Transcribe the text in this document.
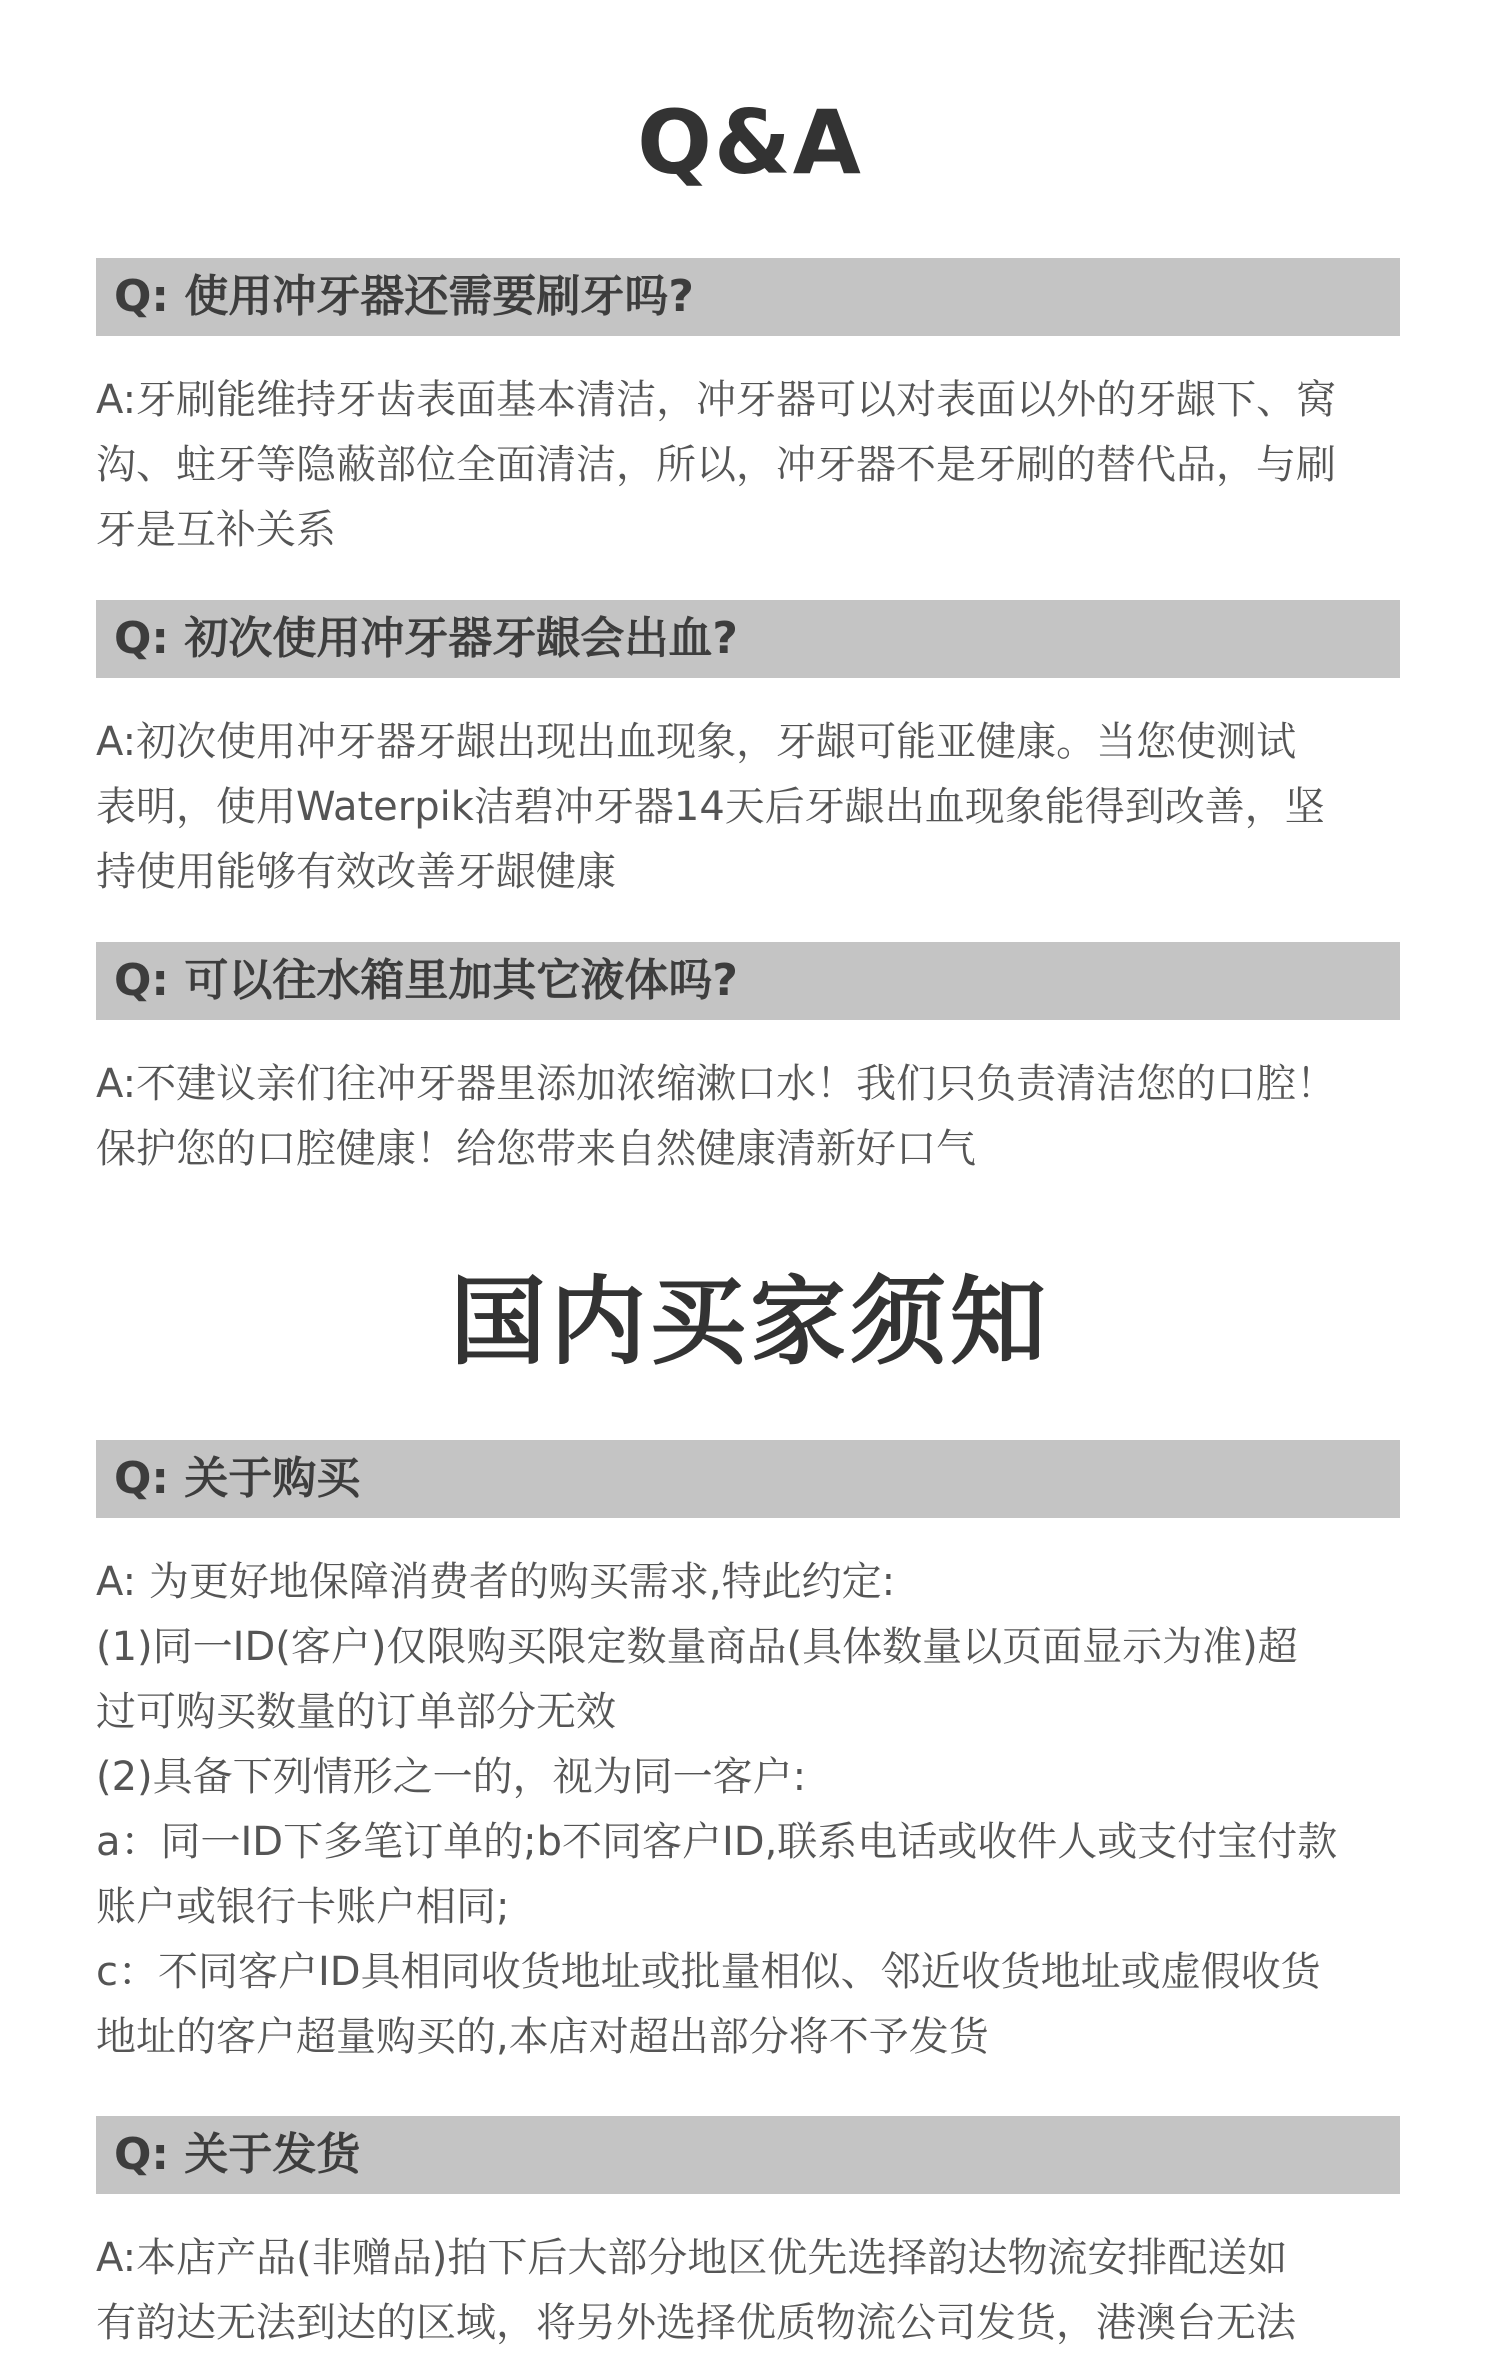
Q&A
Q: 使用冲牙器还需要刷牙吗?
A:牙刷能维持牙齿表面基本清洁，冲牙器可以对表面以外的牙龈下、窝
沟、蛀牙等隐蔽部位全面清洁，所以，冲牙器不是牙刷的替代品，与刷
牙是互补关系
Q: 初次使用冲牙器牙龈会出血?
A:初次使用冲牙器牙龈出现出血现象，牙龈可能亚健康。当您使测试
表明，使用Waterpik洁碧冲牙器14天后牙龈出血现象能得到改善，坚
持使用能够有效改善牙龈健康
Q: 可以往水箱里加其它液体吗?
A:不建议亲们往冲牙器里添加浓缩漱口水！我们只负责清洁您的口腔！
保护您的口腔健康！给您带来自然健康清新好口气
国内买家须知
Q: 关于购买
A: 为更好地保障消费者的购买需求,特此约定:
(1)同一ID(客户)仅限购买限定数量商品(具体数量以页面显示为准)超
过可购买数量的订单部分无效
(2)具备下列情形之一的，视为同一客户:
a：同一ID下多笔订单的;b不同客户ID,联系电话或收件人或支付宝付款
账户或银行卡账户相同;
c：不同客户ID具相同收货地址或批量相似、邻近收货地址或虚假收货
地址的客户超量购买的,本店对超出部分将不予发货
Q: 关于发货
A:本店产品(非赠品)拍下后大部分地区优先选择韵达物流安排配送如
有韵达无法到达的区域，将另外选择优质物流公司发货，港澳台无法
